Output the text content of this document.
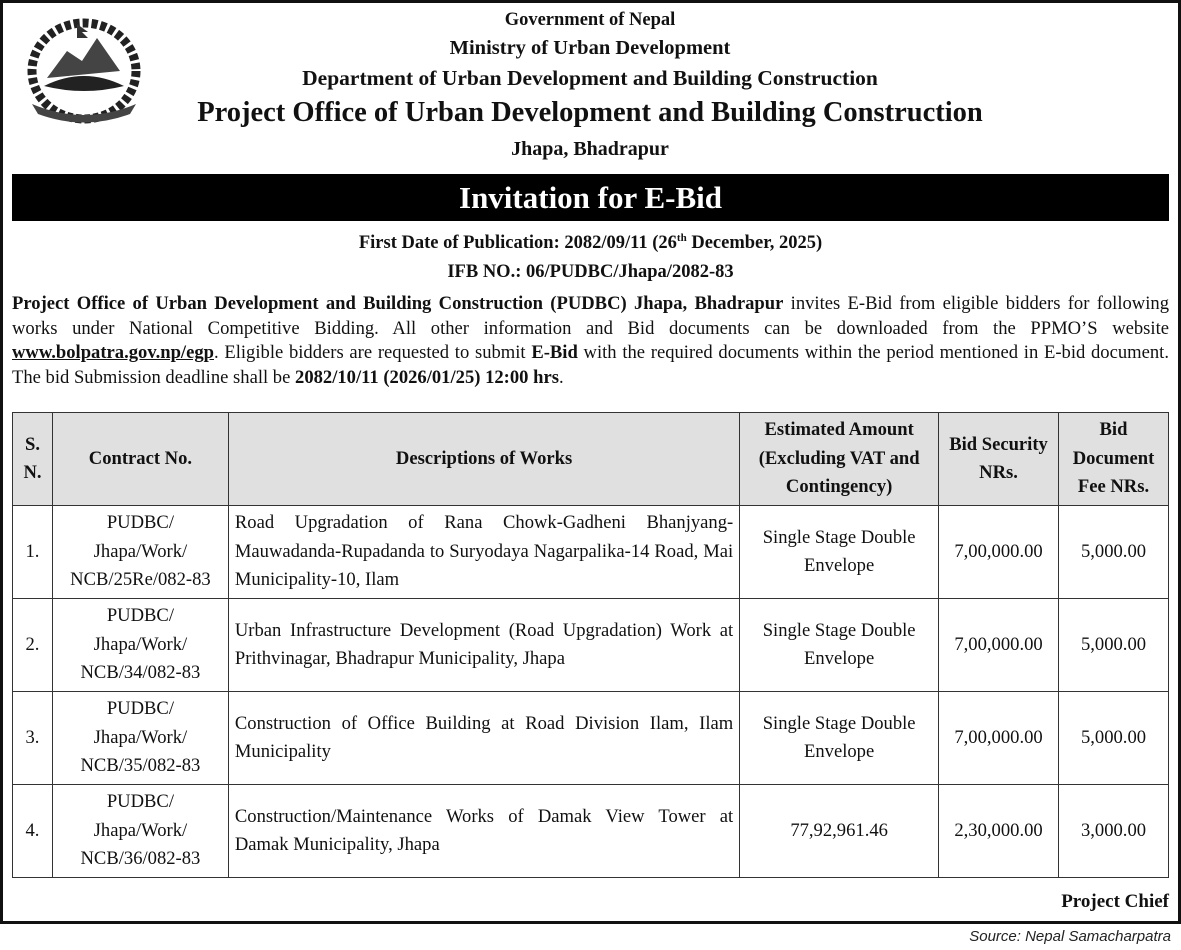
Government of Nepal
Ministry of Urban Development
Department of Urban Development and Building Construction
Project Office of Urban Development and Building Construction
Jhapa, Bhadrapur
Invitation for E-Bid
First Date of Publication: 2082/09/11 (26th December, 2025)
IFB NO.: 06/PUDBC/Jhapa/2082-83
Project Office of Urban Development and Building Construction (PUDBC) Jhapa, Bhadrapur invites E-Bid from eligible bidders for following works under National Competitive Bidding. All other information and Bid documents can be downloaded from the PPMO’S website www.bolpatra.gov.np/egp. Eligible bidders are requested to submit E-Bid with the required documents within the period mentioned in E-bid document. The bid Submission deadline shall be 2082/10/11 (2026/01/25) 12:00 hrs.
S. N.	Contract No.	Descriptions of Works	Estimated Amount (Excluding VAT and Contingency)	Bid Security NRs.	Bid Document Fee NRs.
1.	PUDBC/ Jhapa/Work/ NCB/25Re/082-83	Road Upgradation of Rana Chowk-Gadheni Bhanjyang-Mauwadanda-Rupadanda to Suryodaya Nagarpalika-14 Road, Mai Municipality-10, Ilam	Single Stage Double Envelope	7,00,000.00	5,000.00
2.	PUDBC/ Jhapa/Work/ NCB/34/082-83	Urban Infrastructure Development (Road Upgradation) Work at Prithvinagar, Bhadrapur Municipality, Jhapa	Single Stage Double Envelope	7,00,000.00	5,000.00
3.	PUDBC/ Jhapa/Work/ NCB/35/082-83	Construction of Office Building at Road Division Ilam, Ilam Municipality	Single Stage Double Envelope	7,00,000.00	5,000.00
4.	PUDBC/ Jhapa/Work/ NCB/36/082-83	Construction/Maintenance Works of Damak View Tower at Damak Municipality, Jhapa	77,92,961.46	2,30,000.00	3,000.00
Project Chief
Source: Nepal Samacharpatra
